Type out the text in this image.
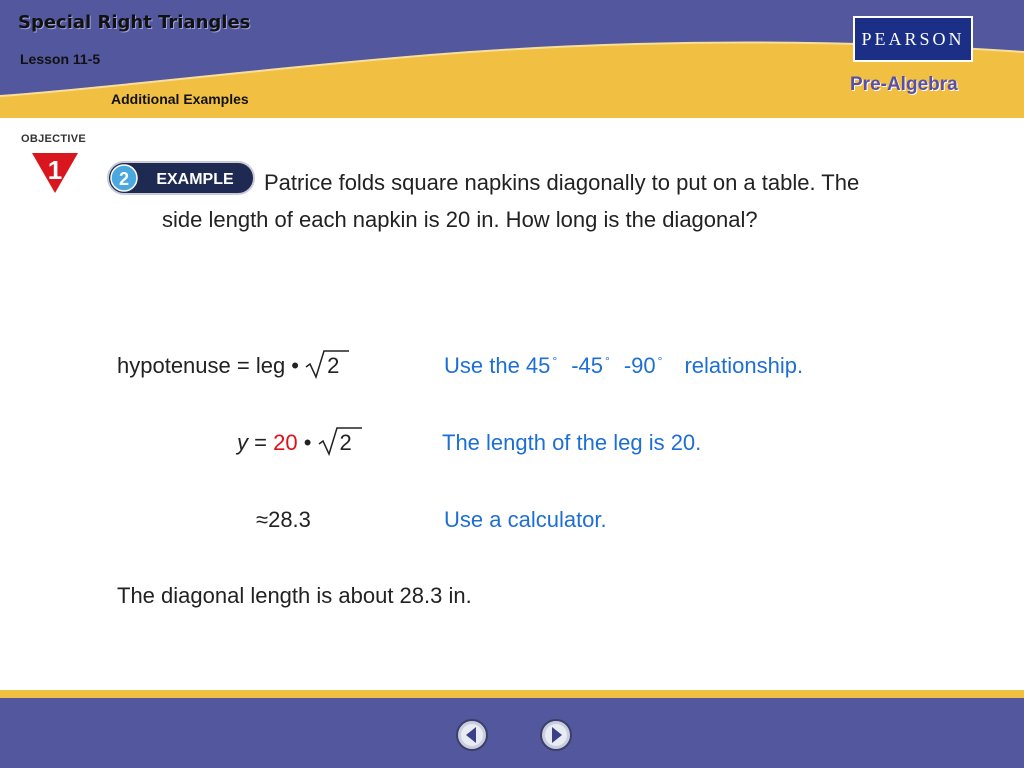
Special Right Triangles
Lesson 11-5
Additional Examples
PEARSON
Pre-Algebra
OBJECTIVE
1	2 EXAMPLE	Patrice folds square napkins diagonally to put on a table. The side length of each napkin is 20 in. How long is the diagonal?
hypotenuse = leg • 2	Use the 45 ° -45 ° -90 ° relationship.
y = 20 • 2	The length of the leg is 20.
≈28.3	Use a calculator.
The diagonal length is about 28.3 in.
